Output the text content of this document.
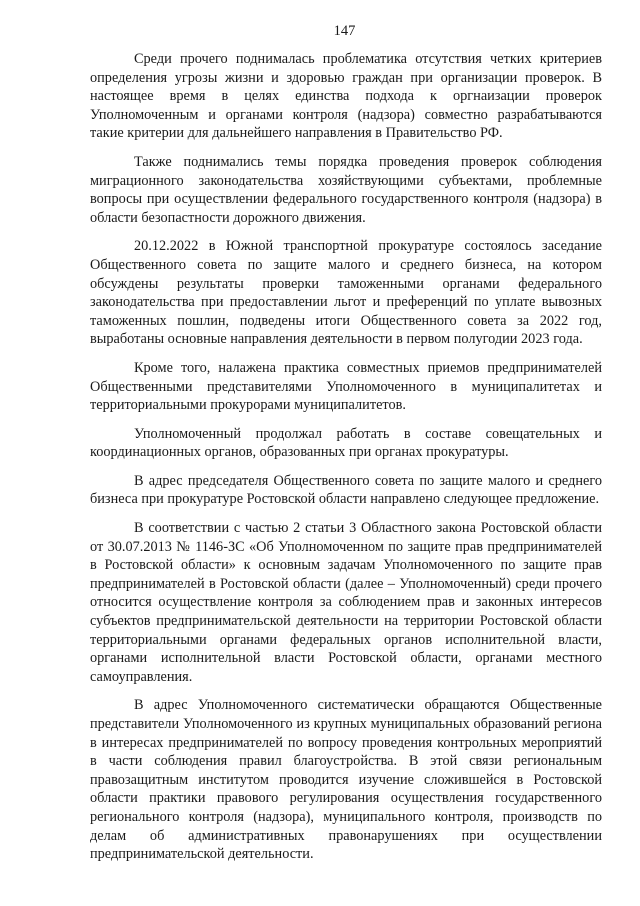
147

Среди прочего поднималась проблематика отсутствия четких критериев определения угрозы жизни и здоровью граждан при организации проверок. В настоящее время в целях единства подхода к оргнаизации проверок Уполномоченным и органами контроля (надзора) совместно разрабатываются такие критерии для дальнейшего направления в Правительство РФ.

Также поднимались темы порядка проведения проверок соблюдения миграционного законодательства хозяйствующими субъектами, проблемные вопросы при осуществлении федерального государственного контроля (надзора) в области безопастности дорожного движения.

20.12.2022 в Южной транспортной прокуратуре состоялось заседание Общественного совета по защите малого и среднего бизнеса, на котором обсуждены результаты проверки таможенными органами федерального законодательства при предоставлении льгот и преференций по уплате вывозных таможенных пошлин, подведены итоги Общественного совета за 2022 год, выработаны основные направления деятельности в первом полугодии 2023 года.

Кроме того, налажена практика совместных приемов предпринимателей Общественными представителями Уполномоченного в муниципалитетах и территориальными прокурорами муниципалитетов.

Уполномоченный продолжал работать в составе совещательных и координационных органов, образованных при органах прокуратуры.

В адрес председателя Общественного совета по защите малого и среднего бизнеса при прокуратуре Ростовской области направлено следующее предложение.

В соответствии с частью 2 статьи 3 Областного закона Ростовской области от 30.07.2013 № 1146-ЗС «Об Уполномоченном по защите прав предпринимателей в Ростовской области» к основным задачам Уполномоченного по защите прав предпринимателей в Ростовской области (далее – Уполномоченный) среди прочего относится осуществление контроля за соблюдением прав и законных интересов субъектов предпринимательской деятельности на территории Ростовской области территориальными органами федеральных органов исполнительной власти, органами исполнительной власти Ростовской области, органами местного самоуправления.

В адрес Уполномоченного систематически обращаются Общественные представители Уполномоченного из крупных муниципальных образований региона в интересах предпринимателей по вопросу проведения контрольных мероприятий в части соблюдения правил благоустройства. В этой связи региональным правозащитным институтом проводится изучение сложившейся в Ростовской области практики правового регулирования осуществления государственного регионального контроля (надзора), муниципального контроля, производств по делам об административных правонарушениях при осуществлении предпринимательской деятельности.
